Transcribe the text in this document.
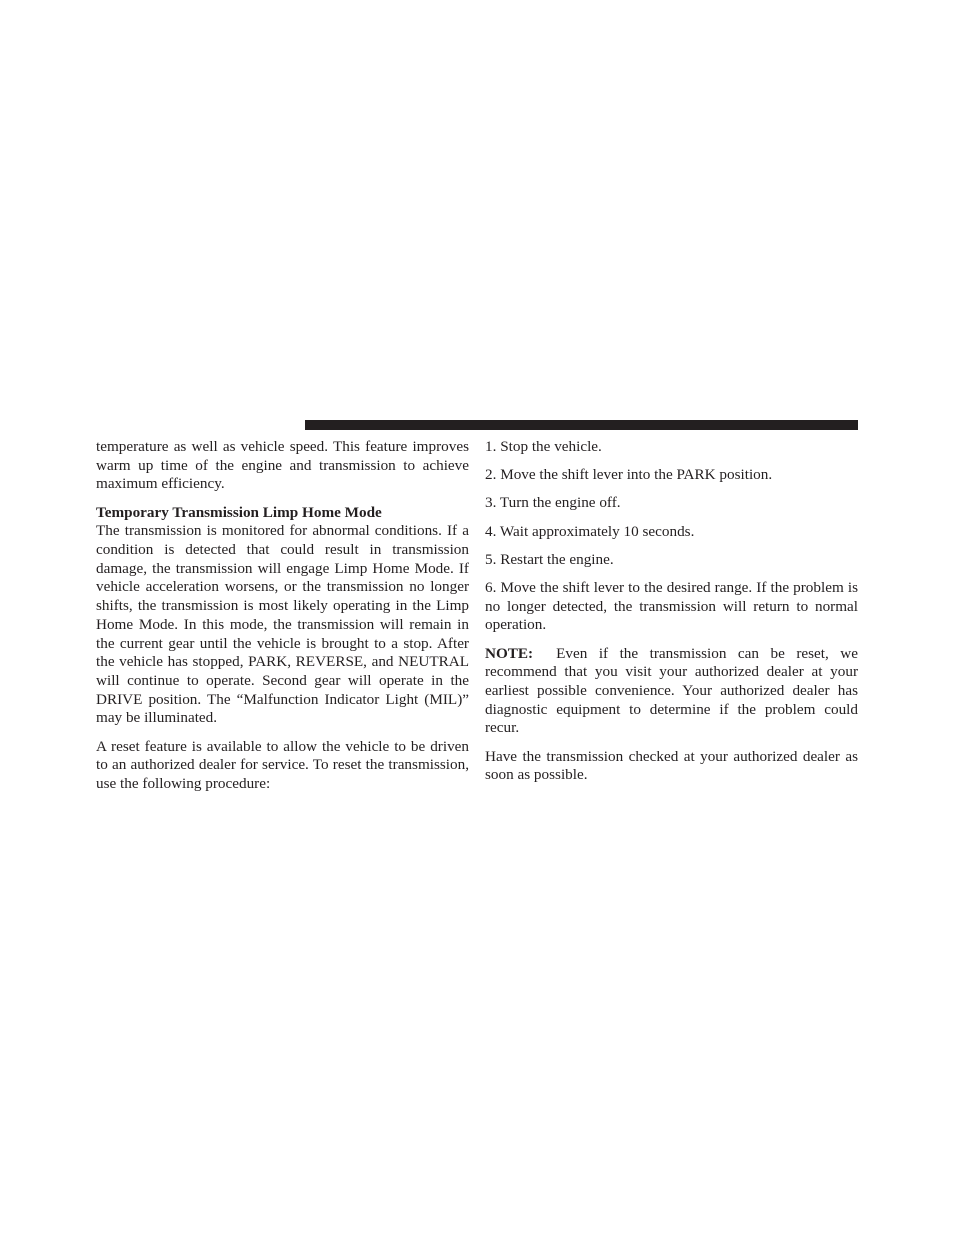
temperature as well as vehicle speed. This feature improves warm up time of the engine and transmission to achieve maximum efficiency.

Temporary Transmission Limp Home Mode

The transmission is monitored for abnormal conditions. If a condition is detected that could result in transmission damage, the transmission will engage Limp Home Mode. If vehicle acceleration worsens, or the transmission no longer shifts, the transmission is most likely operating in the Limp Home Mode. In this mode, the transmission will remain in the current gear until the vehicle is brought to a stop. After the vehicle has stopped, PARK, REVERSE, and NEUTRAL will continue to operate. Second gear will operate in the DRIVE position. The “Malfunction Indicator Light (MIL)” may be illuminated.

A reset feature is available to allow the vehicle to be driven to an authorized dealer for service. To reset the transmission, use the following procedure:

1. Stop the vehicle.

2. Move the shift lever into the PARK position.

3. Turn the engine off.

4. Wait approximately 10 seconds.

5. Restart the engine.

6. Move the shift lever to the desired range. If the problem is no longer detected, the transmission will return to normal operation.

NOTE: Even if the transmission can be reset, we recommend that you visit your authorized dealer at your earliest possible convenience. Your authorized dealer has diagnostic equipment to determine if the problem could recur.

Have the transmission checked at your authorized dealer as soon as possible.
